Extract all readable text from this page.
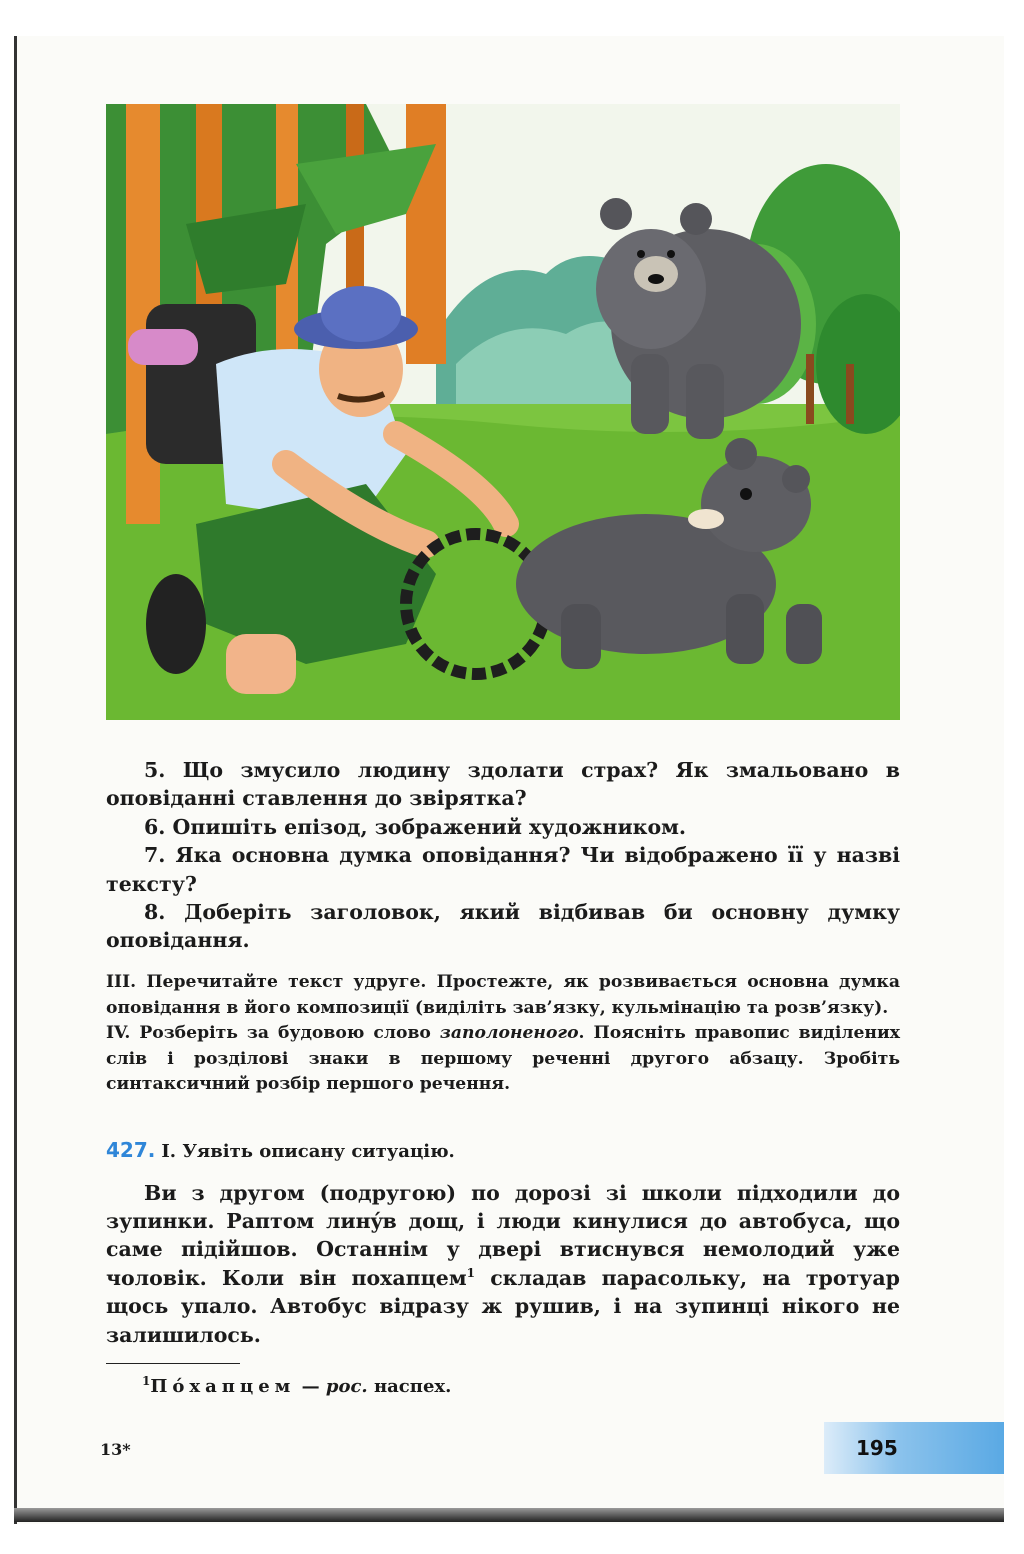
5. Що змусило людину здолати страх? Як змальовано в оповіданні ставлення до звірятка?

6. Опишіть епізод, зображений художником.

7. Яка основна думка оповідання? Чи відображено її у назві тексту?

8. Доберіть заголовок, який відбивав би основну думку оповідання.

III. Перечитайте текст удруге. Простежте, як розвивається основна думка оповідання в його композиції (виділіть зав’язку, кульмінацію та розв’язку).

IV. Розберіть за будовою слово заполоненого. Поясніть правопис виділених слів і розділові знаки в першому реченні другого абзацу. Зробіть синтаксичний розбір першого речення.

427. I. Уявіть описану ситуацію.

Ви з другом (подругою) по дорозі зі школи підходили до зупинки. Раптом линýв дощ, і люди кинулися до автобуса, що саме підійшов. Останнім у двері втиснувся немолодий уже чоловік. Коли він похапцем$^1$ складав парасольку, на тротуар щось упало. Автобус відразу ж рушив, і на зупинці нікого не залишилось.

$^1$Пóхапцем — рос. наспех.
13*	195
